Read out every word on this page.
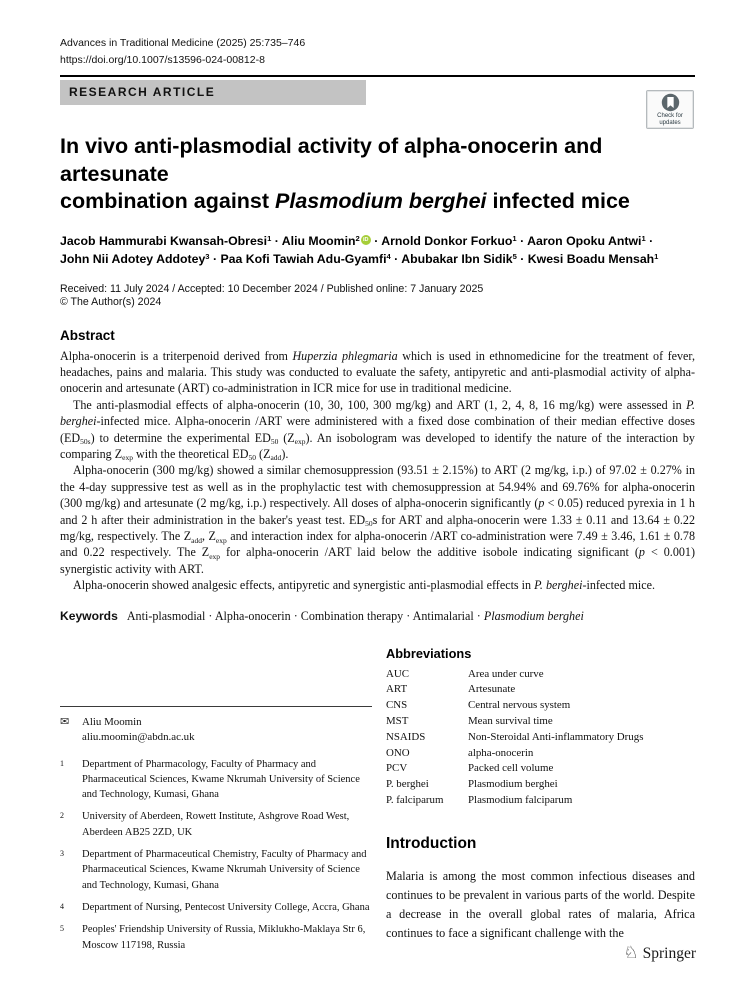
Advances in Traditional Medicine (2025) 25:735–746
https://doi.org/10.1007/s13596-024-00812-8
RESEARCH ARTICLE
Check for
updates
In vivo anti-plasmodial activity of alpha-onocerin and artesunate
combination against Plasmodium berghei infected mice
Jacob Hammurabi Kwansah-Obresi$^1$ · Aliu Moomin$^2$ iD · Arnold Donkor Forkuo$^1$ · Aaron Opoku Antwi$^1$ ·
John Nii Adotey Addotey$^3$ · Paa Kofi Tawiah Adu-Gyamfi$^4$ · Abubakar Ibn Sidik$^5$ · Kwesi Boadu Mensah$^1$
Received: 11 July 2024 / Accepted: 10 December 2024 / Published online: 7 January 2025
© The Author(s) 2024
Abstract

Alpha-onocerin is a triterpenoid derived from Huperzia phlegmaria which is used in ethnomedicine for the treatment of fever, headaches, pains and malaria. This study was conducted to evaluate the safety, antipyretic and anti-plasmodial activity of alpha-onocerin and artesunate (ART) co-administration in ICR mice for use in traditional medicine.

The anti-plasmodial effects of alpha-onocerin (10, 30, 100, 300 mg/kg) and ART (1, 2, 4, 8, 16 mg/kg) were assessed in P. berghei-infected mice. Alpha-onocerin /ART were administered with a fixed dose combination of their median effective doses $(ED_{50s})$ to determine the experimental $ED_{50}$ $(Z_{exp})$. An isobologram was developed to identify the nature of the interaction by comparing $Z_{exp}$ with the theoretical $ED_{50}$ $(Z_{add})$.

Alpha-onocerin (300 mg/kg) showed a similar chemosuppression (93.51 ± 2.15%) to ART (2 mg/kg, i.p.) of 97.02 ± 0.27% in the 4-day suppressive test as well as in the prophylactic test with chemosuppression at 54.94% and 69.76% for alpha-onocerin (300 mg/kg) and artesunate (2 mg/kg, i.p.) respectively. All doses of alpha-onocerin significantly (p < 0.05) reduced pyrexia in 1 h and 2 h after their administration in the baker's yeast test. $ED_{50}s$ for ART and alpha-onocerin were 1.33 ± 0.11 and 13.64 ± 0.22 mg/kg, respectively. The $Z_{add}$, $Z_{exp}$ and interaction index for alpha-onocerin /ART co-administration were 7.49 ± 3.46, 1.61 ± 0.78 and 0.22 respectively. The $Z_{exp}$ for alpha-onocerin /ART laid below the additive isobole indicating significant (p < 0.001) synergistic activity with ART.

Alpha-onocerin showed analgesic effects, antipyretic and synergistic anti-plasmodial effects in P. berghei-infected mice.

Keywords Anti-plasmodial · Alpha-onocerin · Combination therapy · Antimalarial · Plasmodium berghei
✉	Aliu Moomin
aliu.moomin@abdn.ac.uk
1	Department of Pharmacology, Faculty of Pharmacy and Pharmaceutical Sciences, Kwame Nkrumah University of Science and Technology, Kumasi, Ghana
2	University of Aberdeen, Rowett Institute, Ashgrove Road West, Aberdeen AB25 2ZD, UK
3	Department of Pharmaceutical Chemistry, Faculty of Pharmacy and Pharmaceutical Sciences, Kwame Nkrumah University of Science and Technology, Kumasi, Ghana
4	Department of Nursing, Pentecost University College, Accra, Ghana
5	Peoples' Friendship University of Russia, Miklukho-Maklaya Str 6, Moscow 117198, Russia
Abbreviations
AUC	Area under curve
ART	Artesunate
CNS	Central nervous system
MST	Mean survival time
NSAIDS	Non-Steroidal Anti-inflammatory Drugs
ONO	alpha-onocerin
PCV	Packed cell volume
P. berghei	Plasmodium berghei
P. falciparum	Plasmodium falciparum
Introduction

Malaria is among the most common infectious diseases and continues to be prevalent in various parts of the world. Despite a decrease in the overall global rates of malaria, Africa continues to face a significant challenge with the

♘ Springer
